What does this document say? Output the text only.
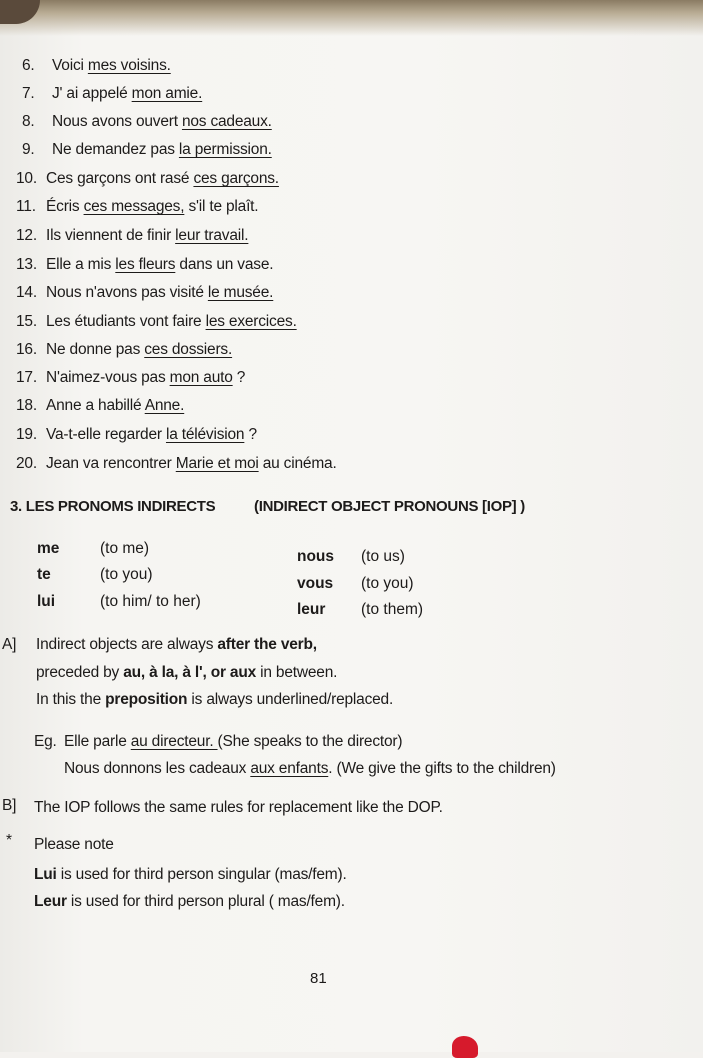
6. Voici mes voisins.
7. J' ai appelé mon amie.
8. Nous avons ouvert nos cadeaux.
9. Ne demandez pas la permission.
10. Ces garçons ont rasé ces garçons.
11. Écris ces messages, s'il te plaît.
12. Ils viennent de finir leur travail.
13. Elle a mis les fleurs dans un vase.
14. Nous n'avons pas visité le musée.
15. Les étudiants vont faire les exercices.
16. Ne donne pas ces dossiers.
17. N'aimez-vous pas mon auto ?
18. Anne a habillé Anne.
19. Va-t-elle regarder la télévision ?
20. Jean va rencontrer Marie et moi au cinéma.
3. LES PRONOMS INDIRECTS	(INDIRECT OBJECT PRONOUNS [IOP] )
me	(to me)
te	(to you)
lui	(to him/ to her)
nous (to us)
vous (to you)
leur (to them)
A] Indirect objects are always after the verb,
preceded by au, à la, à l', or aux in between.
In this the preposition is always underlined/replaced.
Eg. Elle parle au directeur. (She speaks to the director)
Nous donnons les cadeaux aux enfants. (We give the gifts to the children)
B] The IOP follows the same rules for replacement like the DOP.
* Please note
Lui is used for third person singular (mas/fem).
Leur is used for third person plural ( mas/fem).
81
